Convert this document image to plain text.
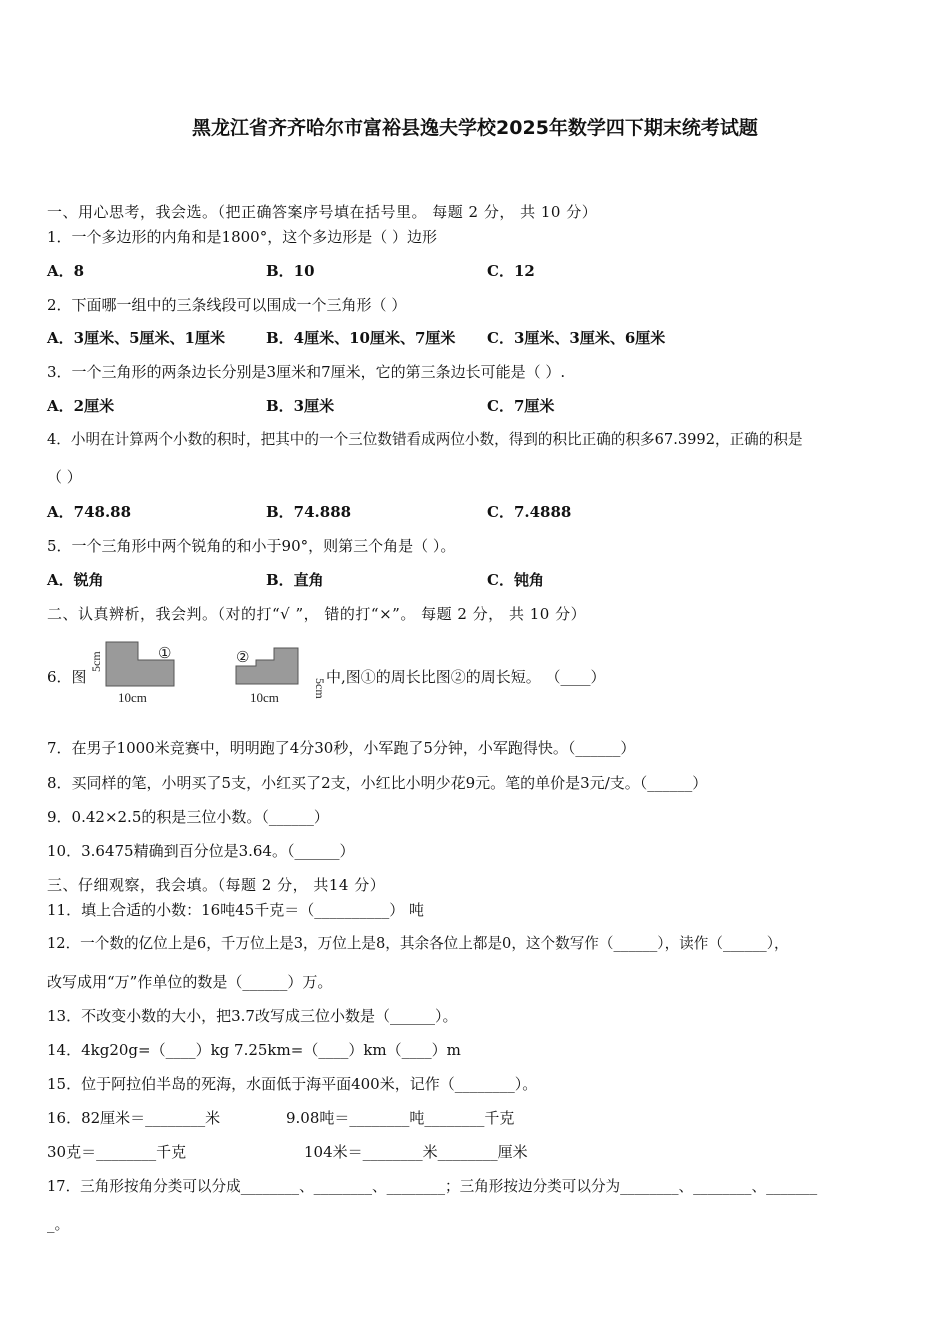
黑龙江省齐齐哈尔市富裕县逸夫学校2025年数学四下期末统考试题
一、用心思考，我会选。（把正确答案序号填在括号里。 每题 2 分， 共 10 分）
1．一个多边形的内角和是1800°，这个多边形是（ ）边形
A．8	B．10	C．12
2．下面哪一组中的三条线段可以围成一个三角形（ ）
A．3厘米、5厘米、1厘米	B．4厘米、10厘米、7厘米 C．3厘米、3厘米、6厘米
3．一个三角形的两条边长分别是3厘米和7厘米，它的第三条边长可能是（ ）.
A．2厘米	B．3厘米	C．7厘米
4．小明在计算两个小数的积时，把其中的一个三位数错看成两位小数，得到的积比正确的积多67.3992，正确的积是
（ ）
A．748.88	B．74.888	C．7.4888
5．一个三角形中两个锐角的和小于90°，则第三个角是（ ）。
A．锐角	B．直角	C．钝角
二、认真辨析，我会判。（对的打“√ ”， 错的打“×”。 每题 2 分， 共 10 分）
6．图
①
5cm
10cm
②
5cm
10cm
中,图①的周长比图②的周长短。 （____）
7．在男子1000米竞赛中，明明跑了4分30秒，小军跑了5分钟，小军跑得快。（______）
8．买同样的笔，小明买了5支，小红买了2支，小红比小明少花9元。笔的单价是3元/支。（______）
9．0.42×2.5的积是三位小数。（______）
10．3.6475精确到百分位是3.64。（______）
三、仔细观察，我会填。（每题 2 分， 共14 分）
11．填上合适的小数：16吨45千克＝（__________） 吨
12．一个数的亿位上是6，千万位上是3，万位上是8，其余各位上都是0，这个数写作（______），读作（______），
改写成用“万”作单位的数是（______）万。
13．不改变小数的大小，把3.7改写成三位小数是（______）。
14．4kg20g=（____）kg 7.25km=（____）km（____）m
15．位于阿拉伯半岛的死海，水面低于海平面400米，记作（________）。
16．82厘米＝________米	9.08吨＝________吨________千克
30克＝________千克	104米＝________米________厘米
17．三角形按角分类可以分成________、________、________；三角形按边分类可以分为________、________、_______
_。
